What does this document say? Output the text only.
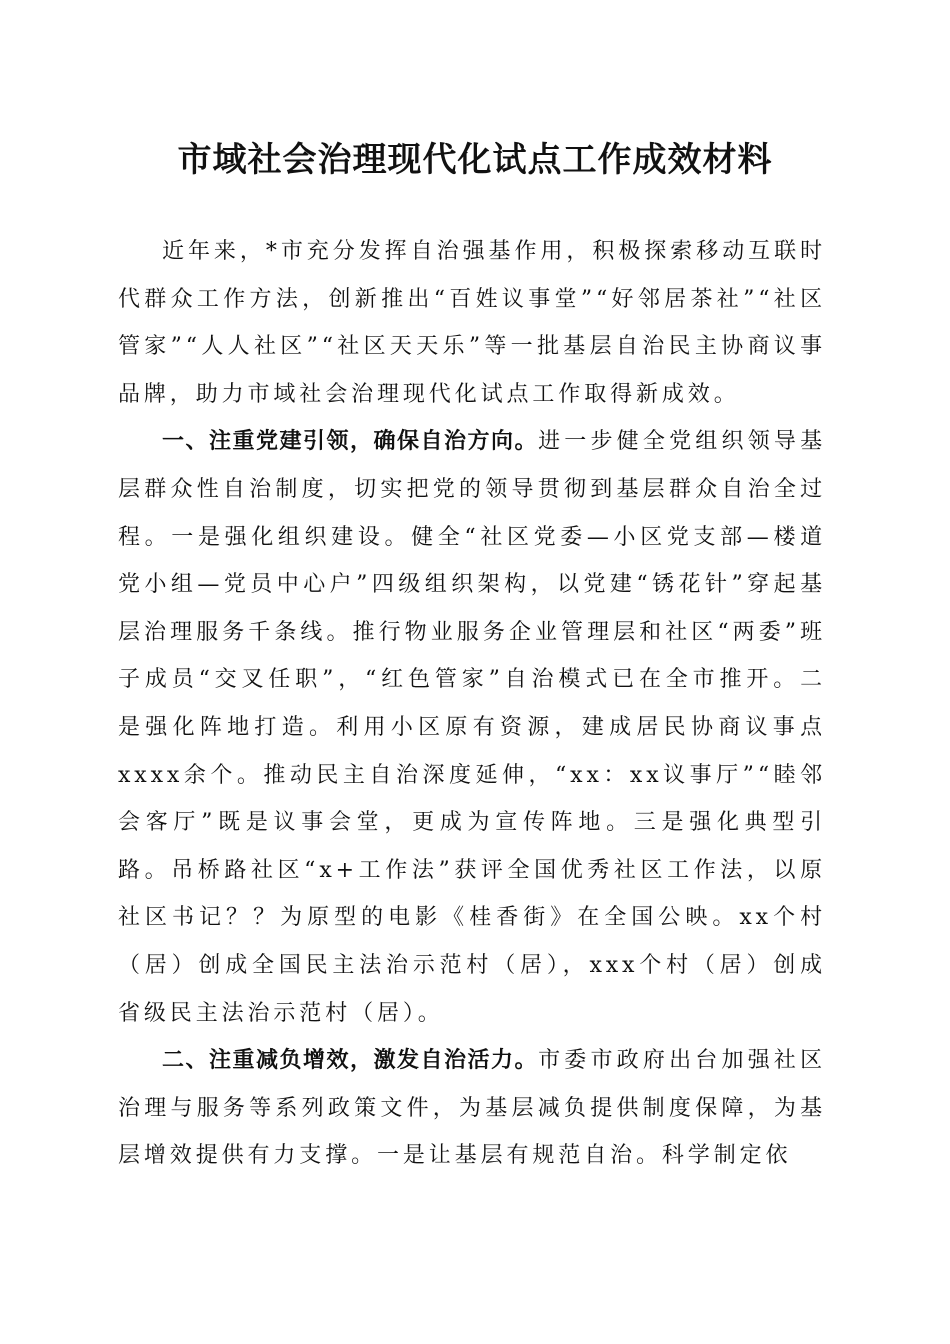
市域社会治理现代化试点工作成效材料

近年来，*市充分发挥自治强基作用，积极探索移动互联时代群众工作方法，创新推出“百姓议事堂”“好邻居茶社”“社区管家”“人人社区”“社区天天乐”等一批基层自治民主协商议事品牌，助力市域社会治理现代化试点工作取得新成效。

一、注重党建引领，确保自治方向。进一步健全党组织领导基层群众性自治制度，切实把党的领导贯彻到基层群众自治全过程。一是强化组织建设。健全“社区党委—小区党支部—楼道党小组—党员中心户”四级组织架构，以党建“锈花针”穿起基层治理服务千条线。推行物业服务企业管理层和社区“两委”班子成员“交叉任职”，“红色管家”自治模式已在全市推开。二是强化阵地打造。利用小区原有资源，建成居民协商议事点xxxx余个。推动民主自治深度延伸，“xx：xx议事厅”“睦邻会客厅”既是议事会堂，更成为宣传阵地。三是强化典型引路。吊桥路社区“x+工作法”获评全国优秀社区工作法，以原社区书记？？为原型的电影《桂香街》在全国公映。xx个村（居）创成全国民主法治示范村（居），xxx个村（居）创成省级民主法治示范村（居）。

二、注重减负增效，激发自治活力。市委市政府出台加强社区治理与服务等系列政策文件，为基层减负提供制度保障，为基层增效提供有力支撑。一是让基层有规范自治。科学制定依
